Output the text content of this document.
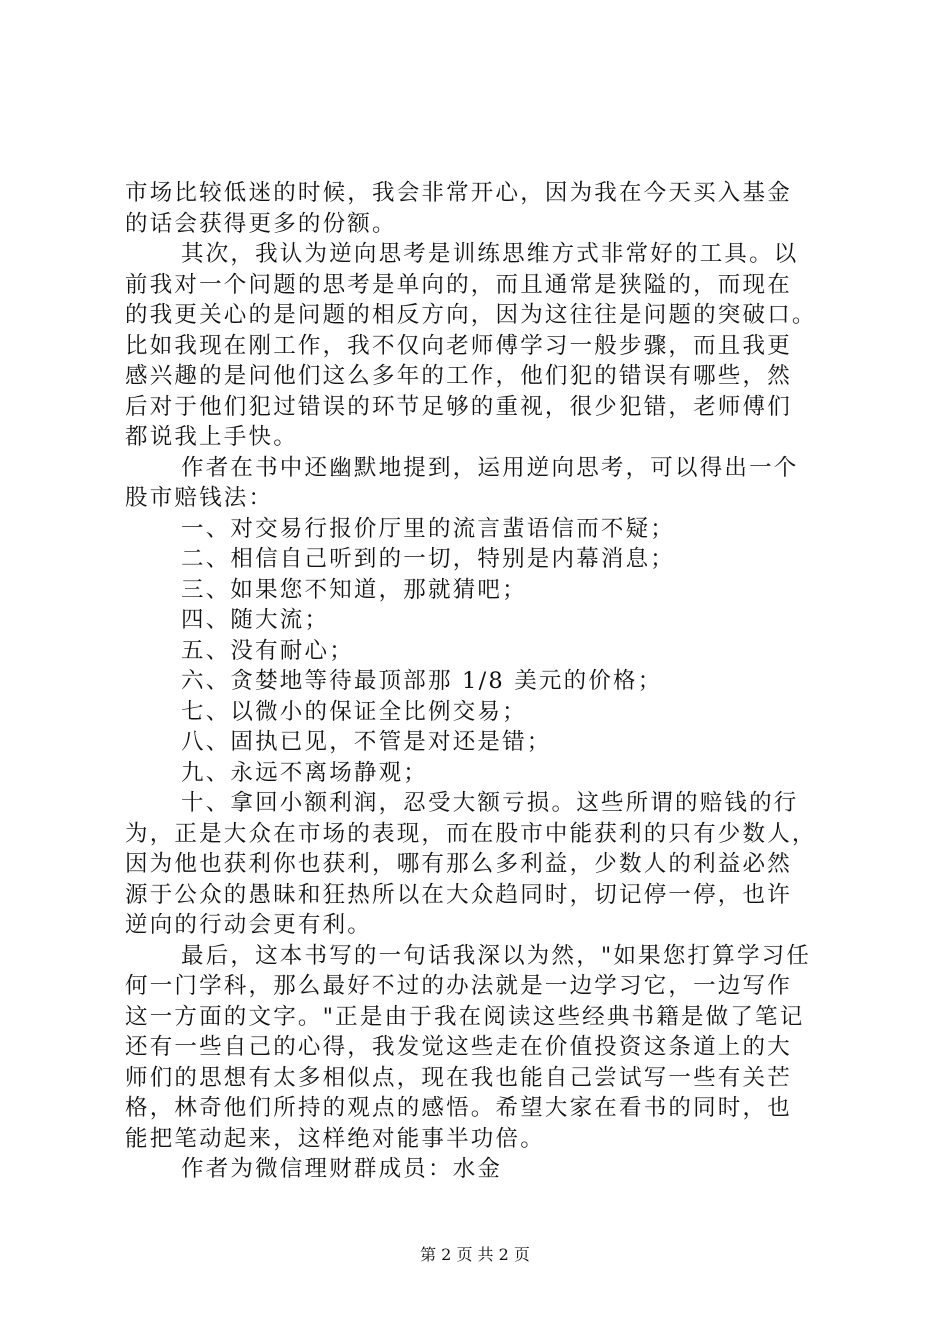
市场比较低迷的时候，我会非常开心，因为我在今天买入基金
的话会获得更多的份额。
其次，我认为逆向思考是训练思维方式非常好的工具。以
前我对一个问题的思考是单向的，而且通常是狭隘的，而现在
的我更关心的是问题的相反方向，因为这往往是问题的突破口。
比如我现在刚工作，我不仅向老师傅学习一般步骤，而且我更
感兴趣的是问他们这么多年的工作，他们犯的错误有哪些，然
后对于他们犯过错误的环节足够的重视，很少犯错，老师傅们
都说我上手快。
作者在书中还幽默地提到，运用逆向思考，可以得出一个
股市赔钱法：
一、对交易行报价厅里的流言蜚语信而不疑；
二、相信自己听到的一切，特别是内幕消息；
三、如果您不知道，那就猜吧；
四、随大流；
五、没有耐心；
六、贪婪地等待最顶部那 1/8 美元的价格；
七、以微小的保证全比例交易；
八、固执已见，不管是对还是错；
九、永远不离场静观；
十、拿回小额利润，忍受大额亏损。这些所谓的赔钱的行
为，正是大众在市场的表现，而在股市中能获利的只有少数人，
因为他也获利你也获利，哪有那么多利益，少数人的利益必然
源于公众的愚昧和狂热所以在大众趋同时，切记停一停，也许
逆向的行动会更有利。
最后，这本书写的一句话我深以为然，"如果您打算学习任
何一门学科，那么最好不过的办法就是一边学习它，一边写作
这一方面的文字。"正是由于我在阅读这些经典书籍是做了笔记
还有一些自己的心得，我发觉这些走在价值投资这条道上的大
师们的思想有太多相似点，现在我也能自己尝试写一些有关芒
格，林奇他们所持的观点的感悟。希望大家在看书的同时，也
能把笔动起来，这样绝对能事半功倍。
作者为微信理财群成员：水金
第 2 页 共 2 页
